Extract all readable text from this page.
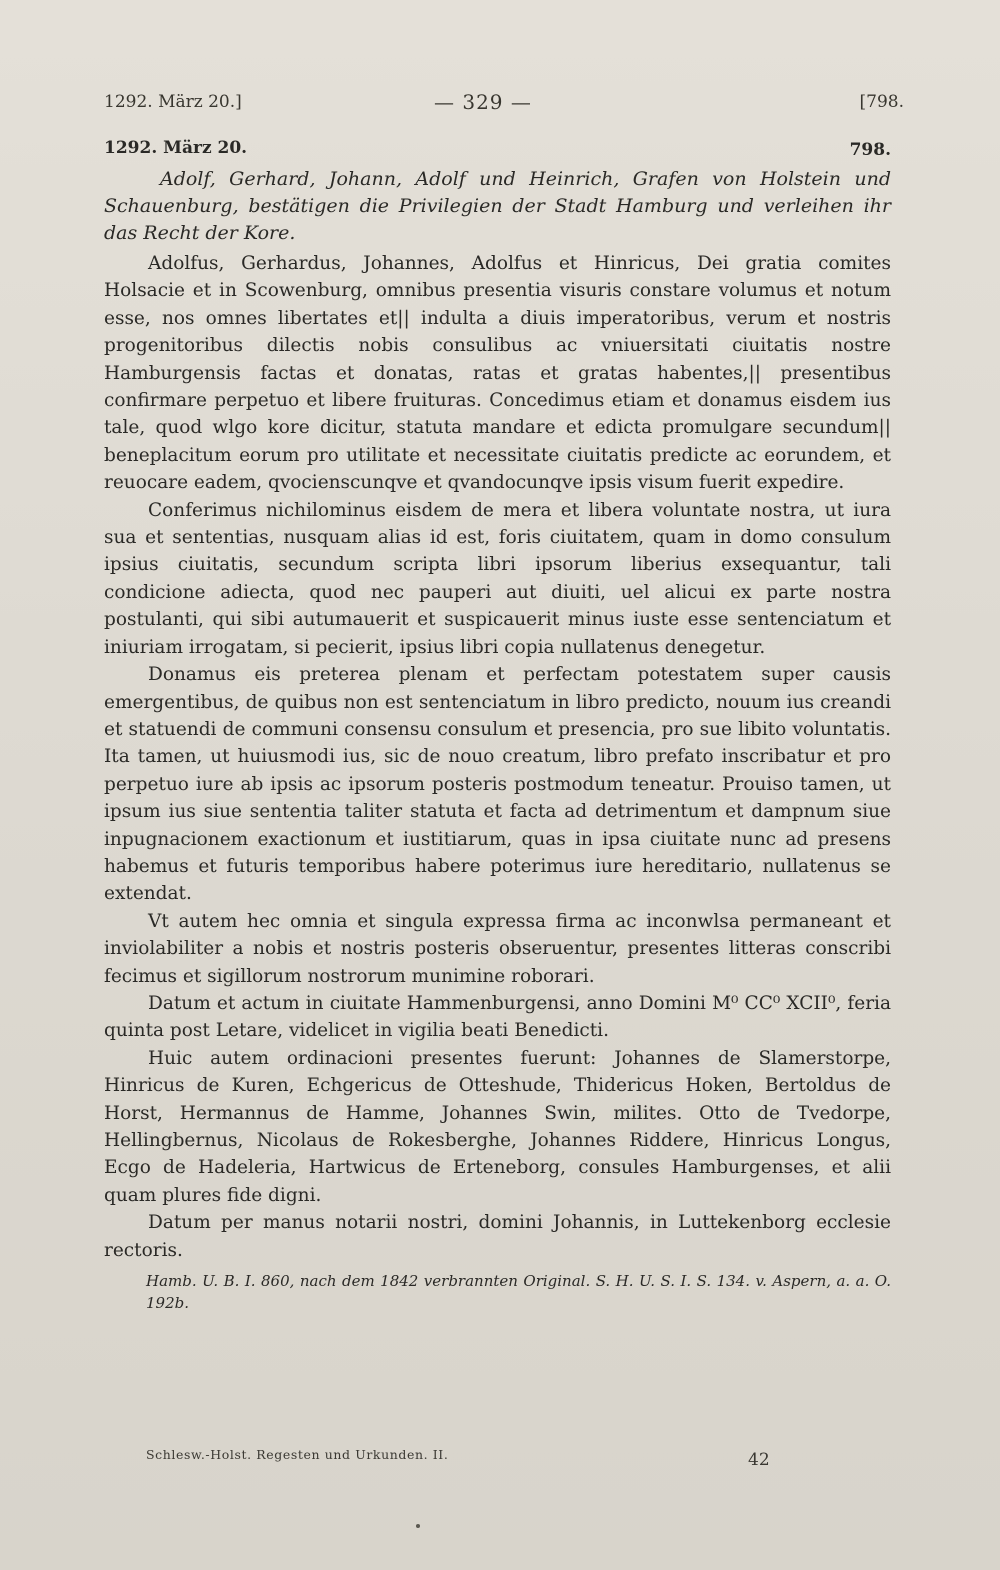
1292. März 20.]	— 329 —	[798.
1292. März 20.	798.

Adolf, Gerhard, Johann, Adolf und Heinrich, Grafen von Holstein und Schauenburg, bestätigen die Privilegien der Stadt Hamburg und verleihen ihr das Recht der Kore.

Adolfus, Gerhardus, Johannes, Adolfus et Hinricus, Dei gratia comites Holsacie et in Scowenburg, omnibus presentia visuris constare volumus et notum esse, nos omnes libertates et|| indulta a diuis imperatoribus, verum et nostris progenitoribus dilectis nobis consulibus ac vniuersitati ciuitatis nostre Hamburgensis factas et donatas, ratas et gratas habentes,|| presentibus confirmare perpetuo et libere fruituras. Concedimus etiam et donamus eisdem ius tale, quod wlgo kore dicitur, statuta mandare et edicta promulgare secundum|| beneplacitum eorum pro utilitate et necessitate ciuitatis predicte ac eorundem, et reuocare eadem, qvocienscunqve et qvandocunqve ipsis visum fuerit expedire.

Conferimus nichilominus eisdem de mera et libera voluntate nostra, ut iura sua et sententias, nusquam alias id est, foris ciuitatem, quam in domo consulum ipsius ciuitatis, secundum scripta libri ipsorum liberius exsequantur, tali condicione adiecta, quod nec pauperi aut diuiti, uel alicui ex parte nostra postulanti, qui sibi autumauerit et suspicauerit minus iuste esse sentenciatum et iniuriam irrogatam, si pecierit, ipsius libri copia nullatenus denegetur.

Donamus eis preterea plenam et perfectam potestatem super causis emergentibus, de quibus non est sentenciatum in libro predicto, nouum ius creandi et statuendi de communi consensu consulum et presencia, pro sue libito voluntatis. Ita tamen, ut huiusmodi ius, sic de nouo creatum, libro prefato inscribatur et pro perpetuo iure ab ipsis ac ipsorum posteris postmodum teneatur. Prouiso tamen, ut ipsum ius siue sententia taliter statuta et facta ad detrimentum et dampnum siue inpugnacionem exactionum et iustitiarum, quas in ipsa ciuitate nunc ad presens habemus et futuris temporibus habere poterimus iure hereditario, nullatenus se extendat.

Vt autem hec omnia et singula expressa firma ac inconwlsa permaneant et inviolabiliter a nobis et nostris posteris obseruentur, presentes litteras conscribi fecimus et sigillorum nostrorum munimine roborari.

Datum et actum in ciuitate Hammenburgensi, anno Domini M⁰ CC⁰ XCII⁰, feria quinta post Letare, videlicet in vigilia beati Benedicti.

Huic autem ordinacioni presentes fuerunt: Johannes de Slamerstorpe, Hinricus de Kuren, Echgericus de Otteshude, Thidericus Hoken, Bertoldus de Horst, Hermannus de Hamme, Johannes Swin, milites. Otto de Tvedorpe, Hellingbernus, Nicolaus de Rokesberghe, Johannes Riddere, Hinricus Longus, Ecgo de Hadeleria, Hartwicus de Erteneborg, consules Hamburgenses, et alii quam plures fide digni.

Datum per manus notarii nostri, domini Johannis, in Luttekenborg ecclesie rectoris.

Hamb. U. B. I. 860, nach dem 1842 verbrannten Original. S. H. U. S. I. S. 134. v. Aspern, a. a. O. 192b.

Schlesw.-Holst. Regesten und Urkunden. II.	42
